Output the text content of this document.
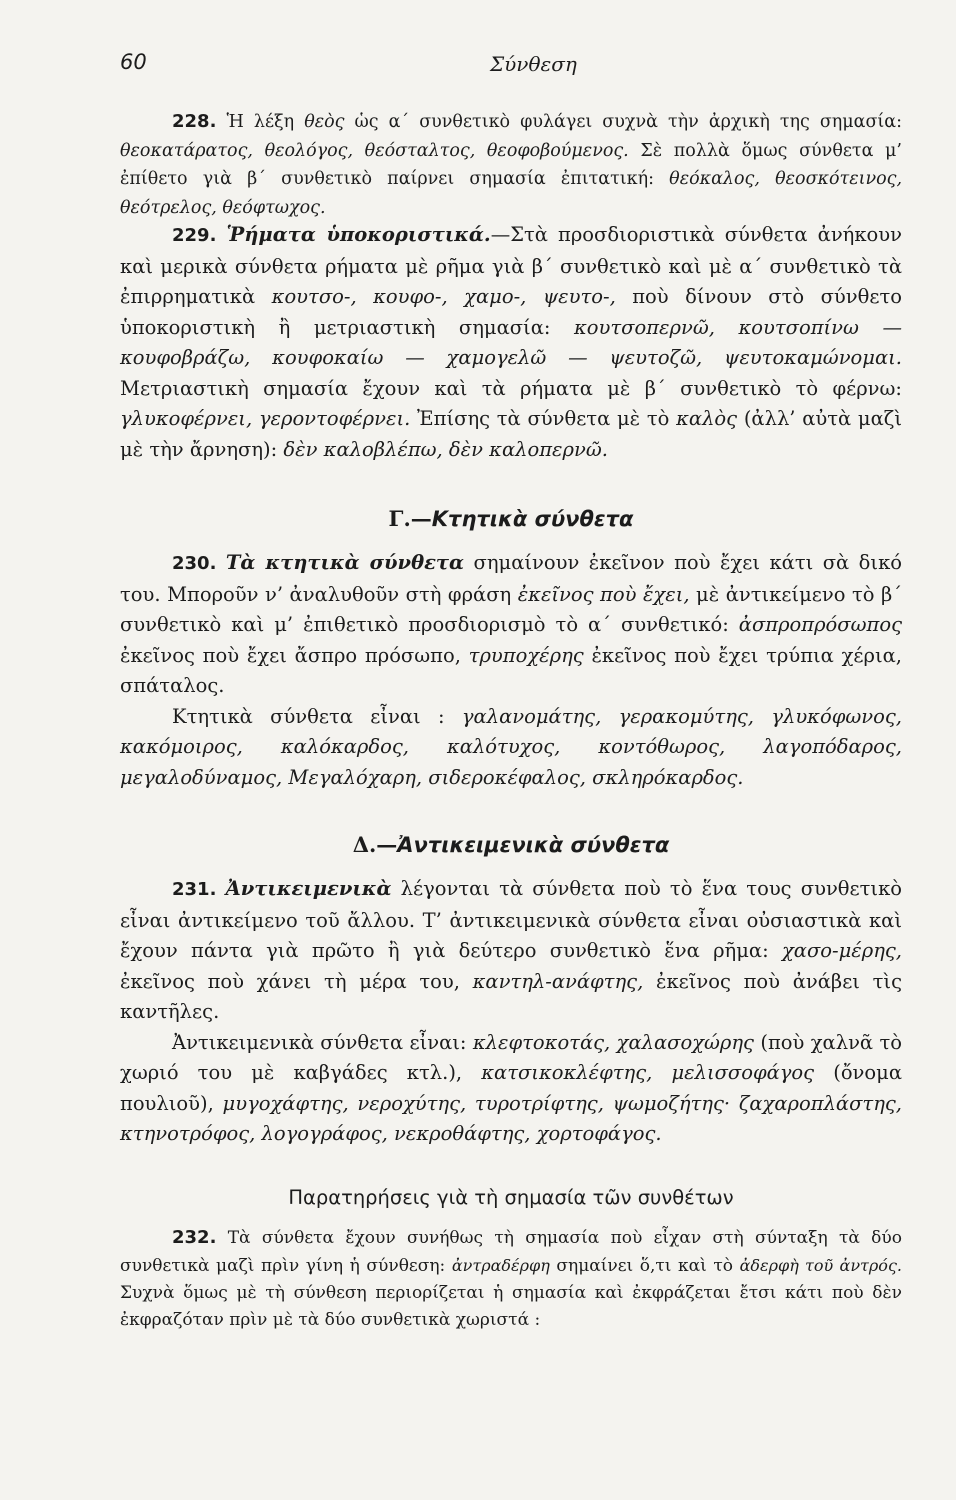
60	Σύνθεση

228. Ἡ λέξη θεὸς ὡς α΄ συνθετικὸ φυλάγει συχνὰ τὴν ἀρχικὴ της σημασία: θεοκατάρατος, θεολόγος, θεόσταλτος, θεοφοβούμενος. Σὲ πολλὰ ὅμως σύνθετα μ’ ἐπίθετο γιὰ β΄ συνθετικὸ παίρνει σημασία ἐπιτατική: θεόκαλος, θεοσκότεινος, θεότρελος, θεόφτωχος.

229. Ῥήματα ὑποκοριστικά.—Στὰ προσδιοριστικὰ σύνθετα ἀνήκουν καὶ μερικὰ σύνθετα ρήματα μὲ ρῆμα γιὰ β΄ συνθετικὸ καὶ μὲ α΄ συνθετικὸ τὰ ἐπιρρηματικὰ κουτσο-, κουφο-, χαμο-, ψευτο-, ποὺ δίνουν στὸ σύνθετο ὑποκοριστικὴ ἢ μετριαστικὴ σημασία: κουτσοπερνῶ, κουτσοπίνω — κουφοβράζω, κουφοκαίω — χαμογελῶ — ψευτοζῶ, ψευτοκαμώνομαι. Μετριαστικὴ σημασία ἔχουν καὶ τὰ ρήματα μὲ β΄ συνθετικὸ τὸ φέρνω: γλυκοφέρνει, γεροντοφέρνει. Ἐπίσης τὰ σύνθετα μὲ τὸ καλὸς (ἀλλ’ αὐτὰ μαζὶ μὲ τὴν ἄρνηση): δὲν καλοβλέπω, δὲν καλοπερνῶ.

Γ.—Κτητικὰ σύνθετα

230. Τὰ κτητικὰ σύνθετα σημαίνουν ἐκεῖνον ποὺ ἔχει κάτι σὰ δικό του. Μποροῦν ν’ ἀναλυθοῦν στὴ φράση ἐκεῖνος ποὺ ἔχει, μὲ ἀντικείμενο τὸ β΄ συνθετικὸ καὶ μ’ ἐπιθετικὸ προσδιορισμὸ τὸ α΄ συνθετικό: ἀσπροπρόσωπος ἐκεῖνος ποὺ ἔχει ἄσπρο πρόσωπο, τρυποχέρης ἐκεῖνος ποὺ ἔχει τρύπια χέρια, σπάταλος.

Κτητικὰ σύνθετα εἶναι : γαλανομάτης, γερακομύτης, γλυκόφωνος, κακόμοιρος, καλόκαρδος, καλότυχος, κοντόθωρος, λαγοπόδαρος, μεγαλοδύναμος, Μεγαλόχαρη, σιδεροκέφαλος, σκληρόκαρδος.

Δ.—Ἀντικειμενικὰ σύνθετα

231. Ἀντικειμενικὰ λέγονται τὰ σύνθετα ποὺ τὸ ἕνα τους συνθετικὸ εἶναι ἀντικείμενο τοῦ ἄλλου. Τ’ ἀντικειμενικὰ σύνθετα εἶναι οὐσιαστικὰ καὶ ἔχουν πάντα γιὰ πρῶτο ἢ γιὰ δεύτερο συνθετικὸ ἕνα ρῆμα: χασο-μέρης, ἐκεῖνος ποὺ χάνει τὴ μέρα του, καντηλ-ανάφτης, ἐκεῖνος ποὺ ἀνάβει τὶς καντῆλες.

Ἀντικειμενικὰ σύνθετα εἶναι: κλεφτοκοτάς, χαλασοχώρης (ποὺ χαλνᾶ τὸ χωριό του μὲ καβγάδες κτλ.), κατσικοκλέφτης, μελισσοφάγος (ὄνομα πουλιοῦ), μυγοχάφτης, νεροχύτης, τυροτρίφτης, ψωμοζήτης· ζαχαροπλάστης, κτηνοτρόφος, λογογράφος, νεκροθάφτης, χορτοφάγος.

Παρατηρήσεις γιὰ τὴ σημασία τῶν συνθέτων

232. Τὰ σύνθετα ἔχουν συνήθως τὴ σημασία ποὺ εἶχαν στὴ σύνταξη τὰ δύο συνθετικὰ μαζὶ πρὶν γίνη ἡ σύνθεση: ἀντραδέρφη σημαίνει ὅ,τι καὶ τὸ ἀδερφὴ τοῦ ἀντρός. Συχνὰ ὅμως μὲ τὴ σύνθεση περιορίζεται ἡ σημασία καὶ ἐκφράζεται ἔτσι κάτι ποὺ δὲν ἐκφραζόταν πρὶν μὲ τὰ δύο συνθετικὰ χωριστά :
